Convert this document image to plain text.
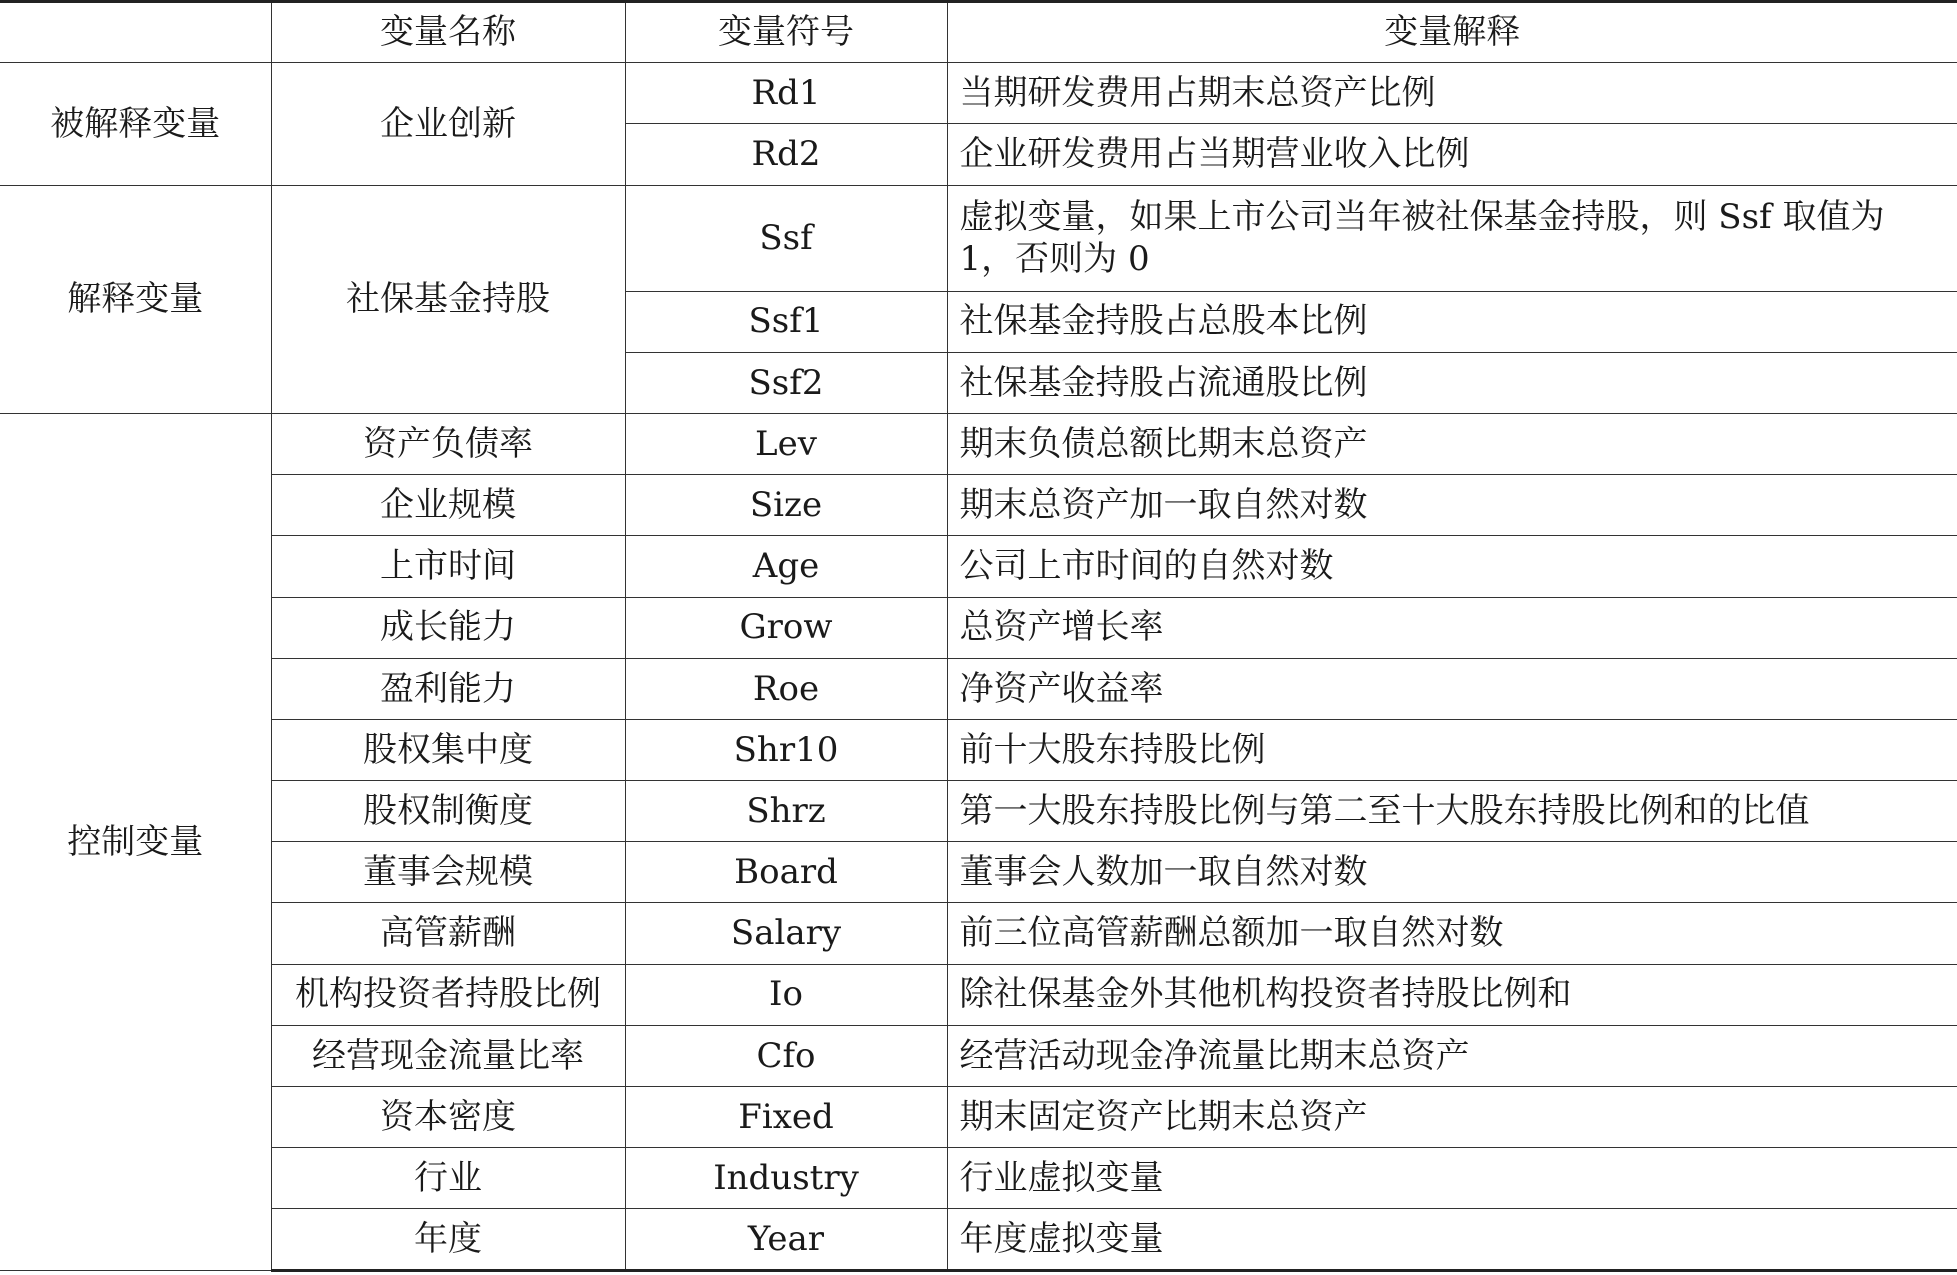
	变量名称	变量符号	变量解释
被解释变量	企业创新	Rd1	当期研发费用占期末总资产比例
		Rd2	企业研发费用占当期营业收入比例
解释变量	社保基金持股	Ssf	虚拟变量，如果上市公司当年被社保基金持股，则 Ssf 取值为 1，否则为 0
		Ssf1	社保基金持股占总股本比例
		Ssf2	社保基金持股占流通股比例
控制变量	资产负债率	Lev	期末负债总额比期末总资产
	企业规模	Size	期末总资产加一取自然对数
	上市时间	Age	公司上市时间的自然对数
	成长能力	Grow	总资产增长率
	盈利能力	Roe	净资产收益率
	股权集中度	Shr10	前十大股东持股比例
	股权制衡度	Shrz	第一大股东持股比例与第二至十大股东持股比例和的比值
	董事会规模	Board	董事会人数加一取自然对数
	高管薪酬	Salary	前三位高管薪酬总额加一取自然对数
	机构投资者持股比例	Io	除社保基金外其他机构投资者持股比例和
	经营现金流量比率	Cfo	经营活动现金净流量比期末总资产
	资本密度	Fixed	期末固定资产比期末总资产
	行业	Industry	行业虚拟变量
	年度	Year	年度虚拟变量
